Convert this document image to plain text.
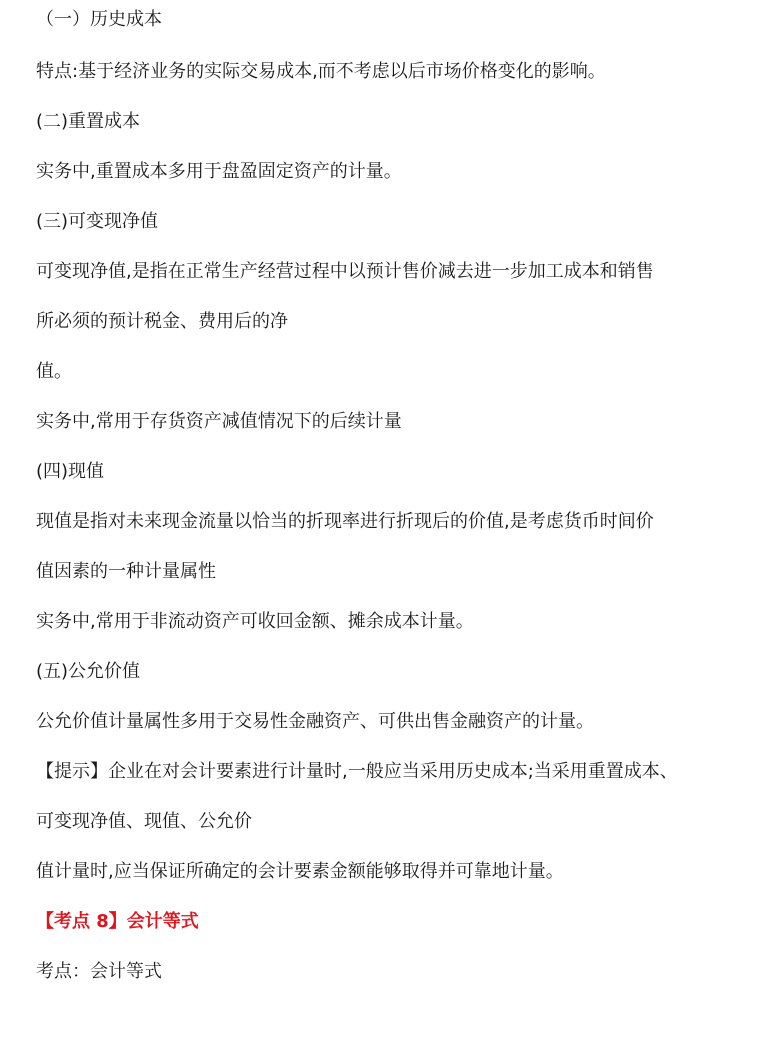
（一）历史成本

特点:基于经济业务的实际交易成本,而不考虑以后市场价格变化的影响。

(二)重置成本

实务中,重置成本多用于盘盈固定资产的计量。

(三)可变现净值

可变现净值,是指在正常生产经营过程中以预计售价减去进一步加工成本和销售

所必须的预计税金、费用后的净

值。

实务中,常用于存货资产减值情况下的后续计量

(四)现值

现值是指对未来现金流量以恰当的折现率进行折现后的价值,是考虑货币时间价

值因素的一种计量属性

实务中,常用于非流动资产可收回金额、摊余成本计量。

(五)公允价值

公允价值计量属性多用于交易性金融资产、可供出售金融资产的计量。

【提示】企业在对会计要素进行计量时,一般应当采用历史成本;当采用重置成本、

可变现净值、现值、公允价

值计量时,应当保证所确定的会计要素金额能够取得并可靠地计量。

【考点 8】会计等式

考点：会计等式
